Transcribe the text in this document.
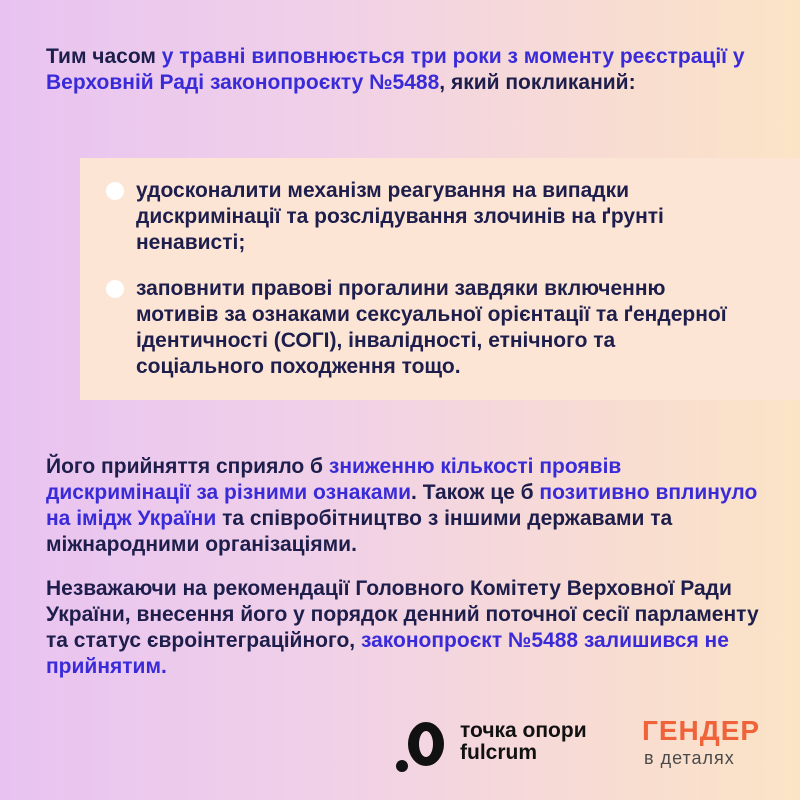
Тим часом у травні виповнюється три роки з моменту реєстрації у Верховній Раді законопроєкту №5488, який покликаний:
удосконалити механізм реагування на випадки дискримінації та розслідування злочинів на ґрунті ненависті;
заповнити правові прогалини завдяки включенню мотивів за ознаками сексуальної орієнтації та ґендерної ідентичності (СОГІ), інвалідності, етнічного та соціального походження тощо.
Його прийняття сприяло б зниженню кількості проявів дискримінації за різними ознаками. Також це б позитивно вплинуло на імідж України та співробітництво з іншими державами та міжнародними організаціями.
Незважаючи на рекомендації Головного Комітету Верховної Ради України, внесення його у порядок денний поточної сесії парламенту та статус євроінтеграційного, законопроєкт №5488 залишився не прийнятим.
точка опори
fulcrum
ГЕНДЕР
в деталях
